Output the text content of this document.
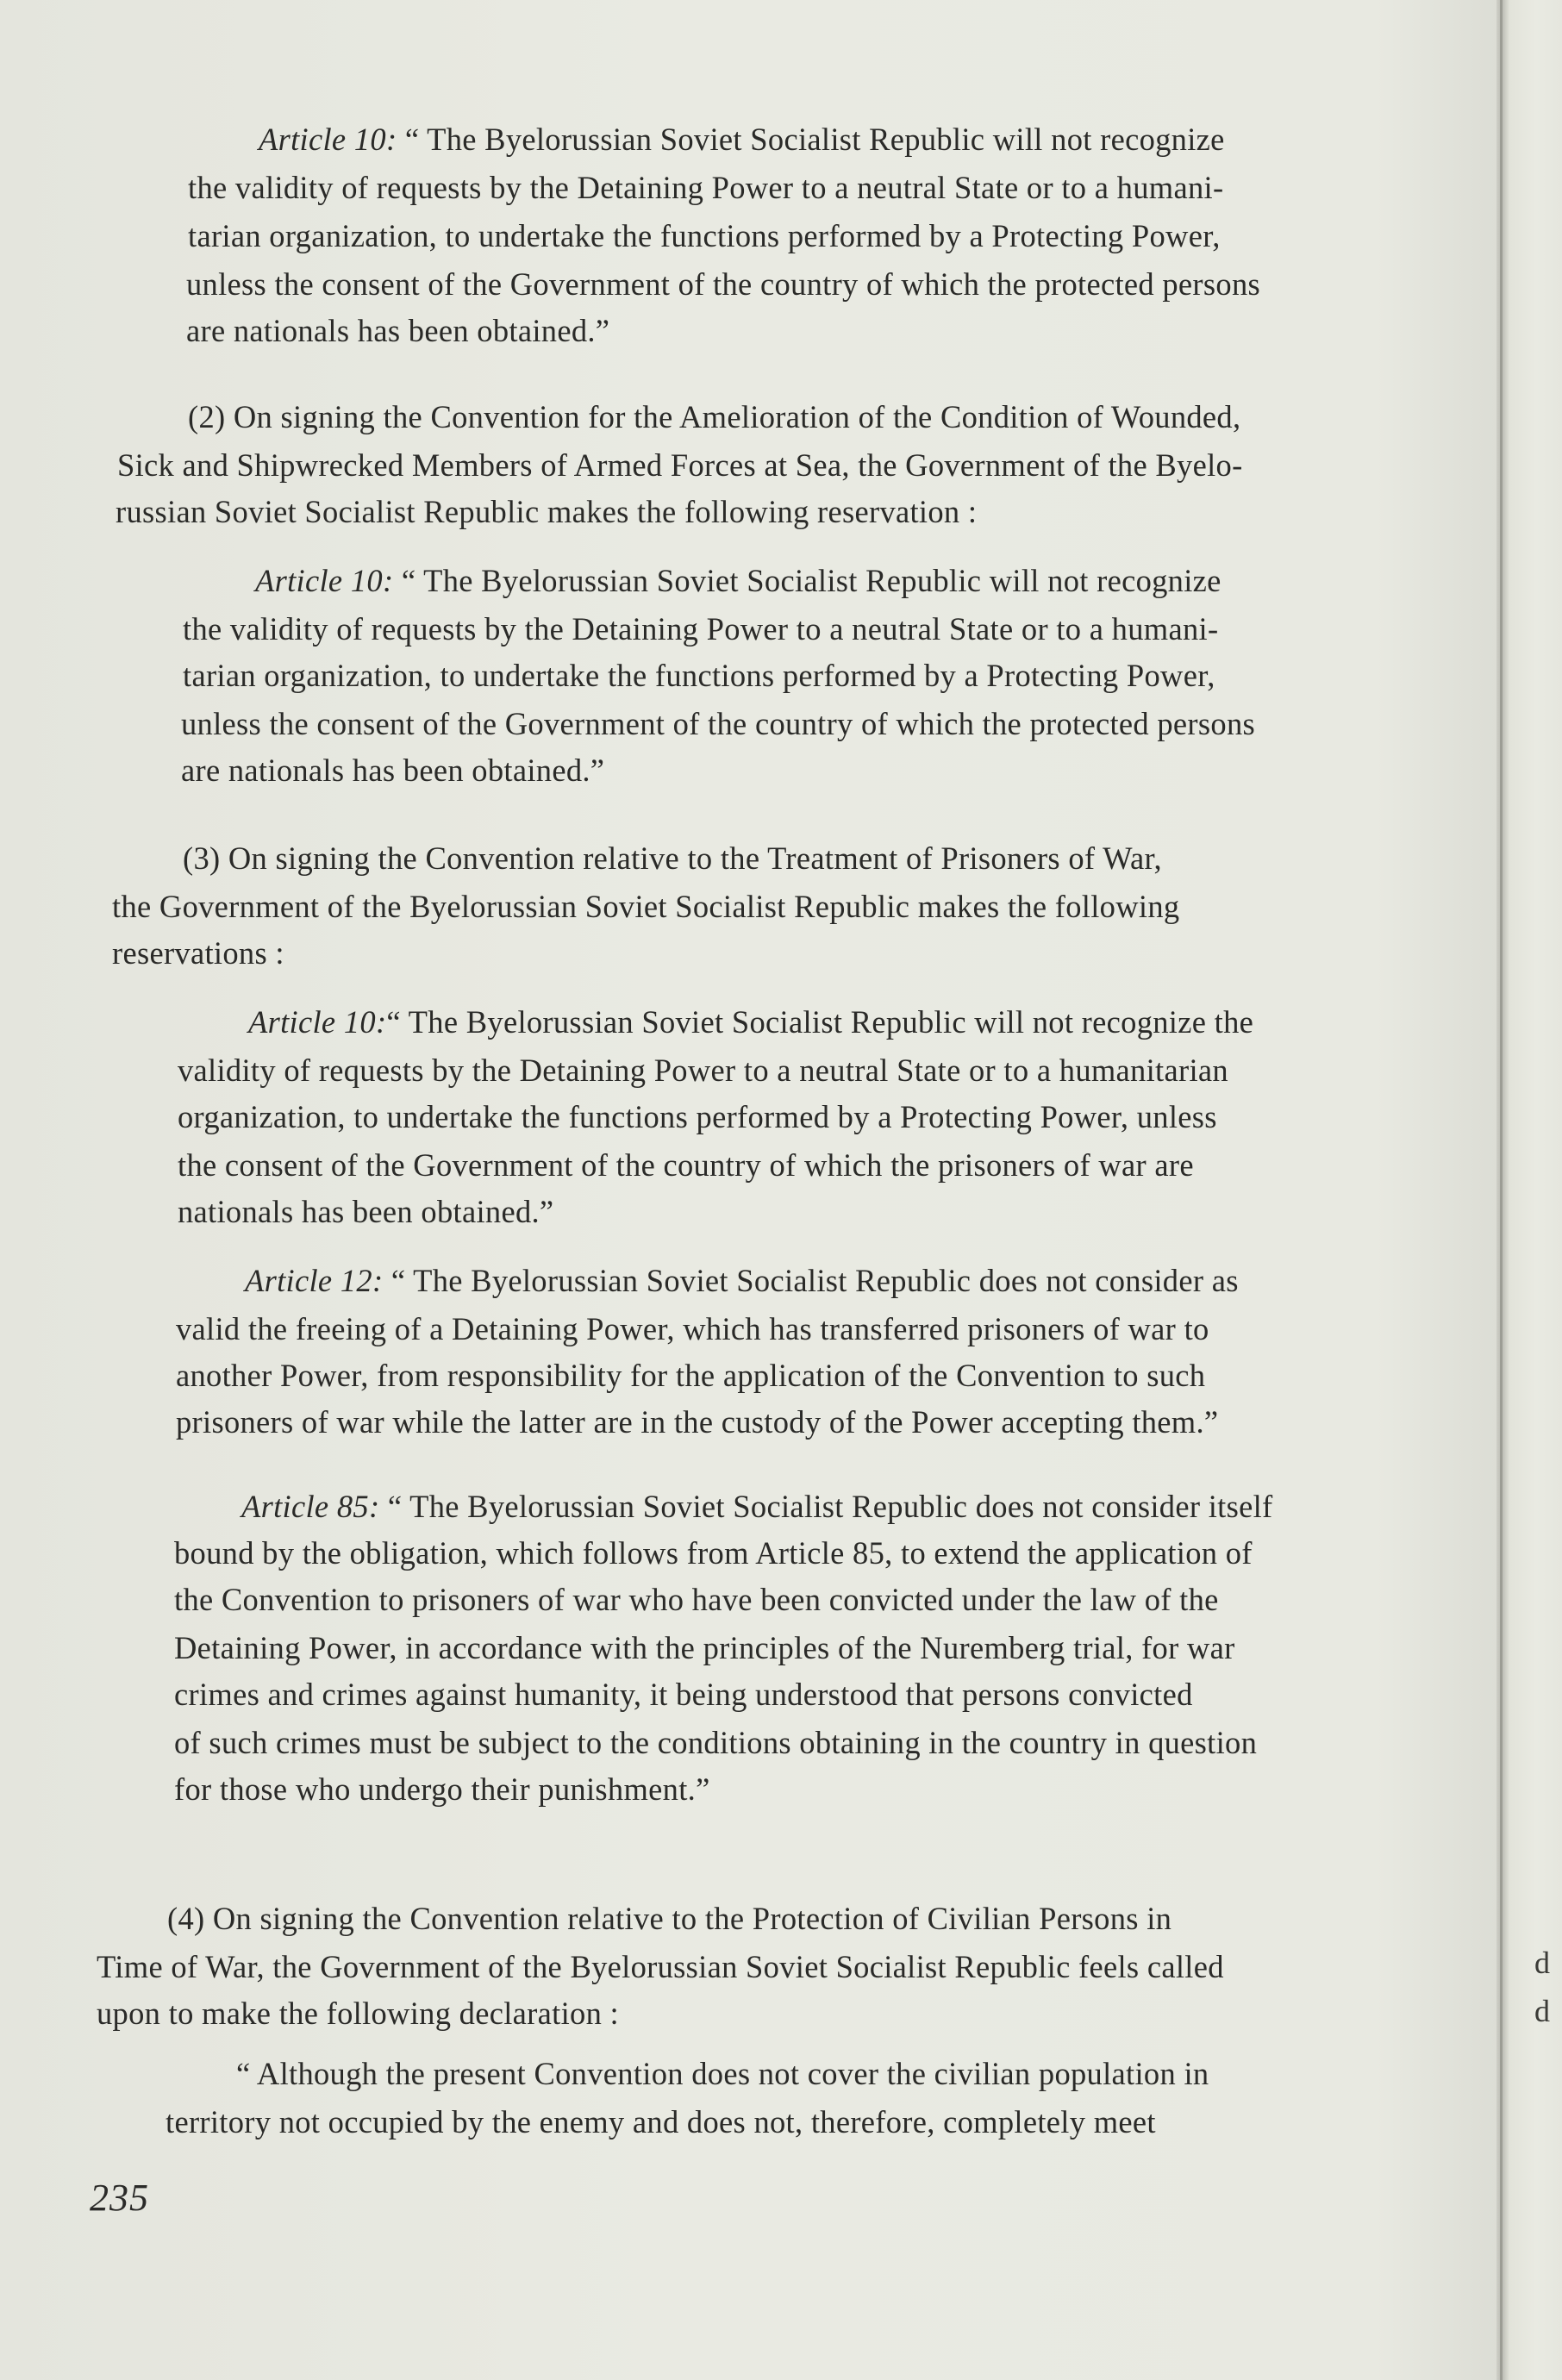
Article 10: “ The Byelorussian Soviet Socialist Republic will not recognize
the validity of requests by the Detaining Power to a neutral State or to a humani-
tarian organization, to undertake the functions performed by a Protecting Power,
unless the consent of the Government of the country of which the protected persons
are nationals has been obtained.”
(2) On signing the Convention for the Amelioration of the Condition of Wounded,
Sick and Shipwrecked Members of Armed Forces at Sea, the Government of the Byelo-
russian Soviet Socialist Republic makes the following reservation :
Article 10: “ The Byelorussian Soviet Socialist Republic will not recognize
the validity of requests by the Detaining Power to a neutral State or to a humani-
tarian organization, to undertake the functions performed by a Protecting Power,
unless the consent of the Government of the country of which the protected persons
are nationals has been obtained.”
(3) On signing the Convention relative to the Treatment of Prisoners of War,
the Government of the Byelorussian Soviet Socialist Republic makes the following
reservations :
Article 10:“ The Byelorussian Soviet Socialist Republic will not recognize the
validity of requests by the Detaining Power to a neutral State or to a humanitarian
organization, to undertake the functions performed by a Protecting Power, unless
the consent of the Government of the country of which the prisoners of war are
nationals has been obtained.”
Article 12: “ The Byelorussian Soviet Socialist Republic does not consider as
valid the freeing of a Detaining Power, which has transferred prisoners of war to
another Power, from responsibility for the application of the Convention to such
prisoners of war while the latter are in the custody of the Power accepting them.”
Article 85: “ The Byelorussian Soviet Socialist Republic does not consider itself
bound by the obligation, which follows from Article 85, to extend the application of
the Convention to prisoners of war who have been convicted under the law of the
Detaining Power, in accordance with the principles of the Nuremberg trial, for war
crimes and crimes against humanity, it being understood that persons convicted
of such crimes must be subject to the conditions obtaining in the country in question
for those who undergo their punishment.”
(4) On signing the Convention relative to the Protection of Civilian Persons in
Time of War, the Government of the Byelorussian Soviet Socialist Republic feels called
upon to make the following declaration :
“ Although the present Convention does not cover the civilian population in
territory not occupied by the enemy and does not, therefore, completely meet
235
d
d
